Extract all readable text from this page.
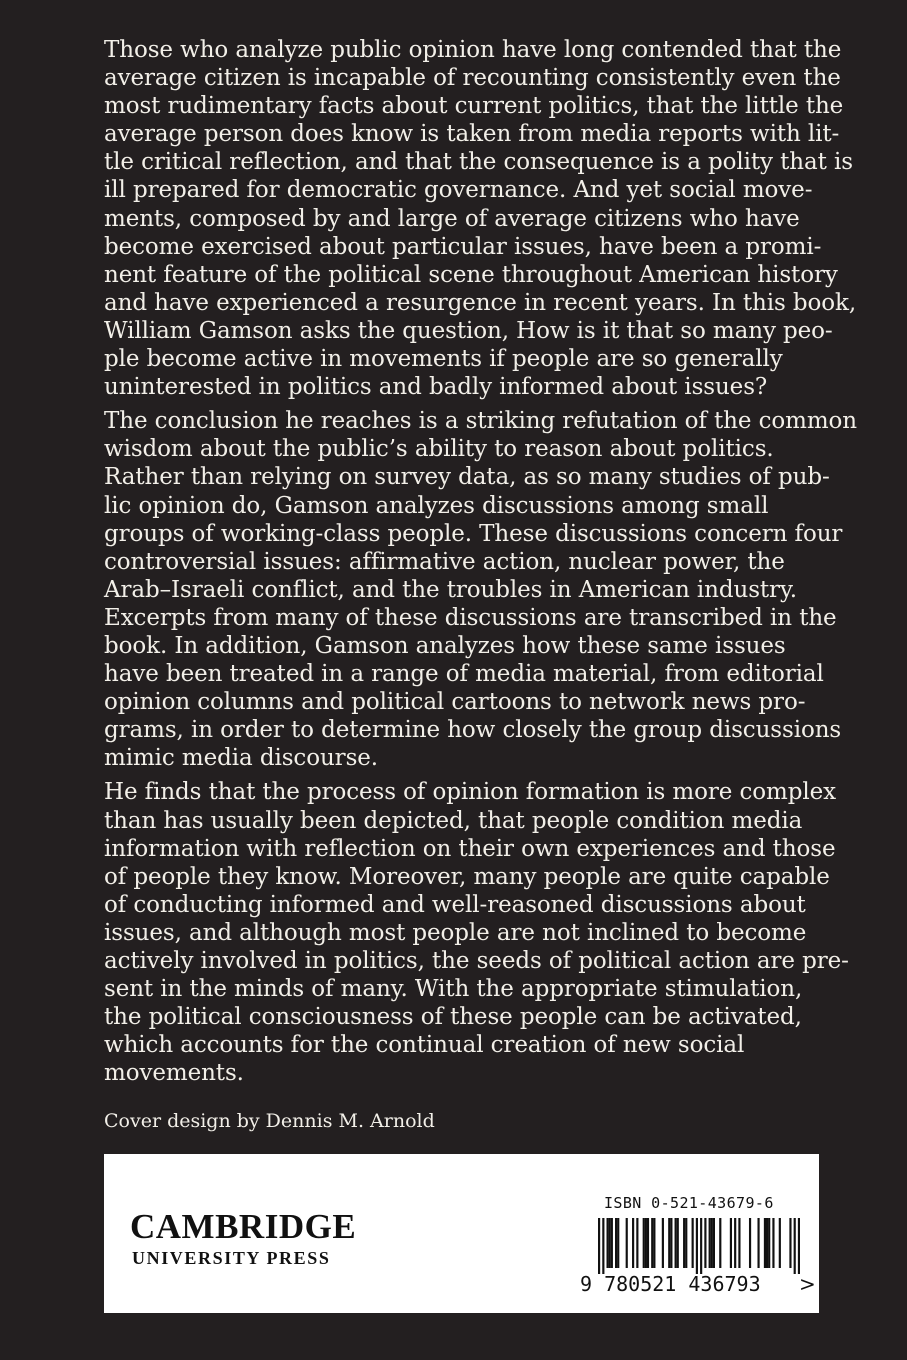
Those who analyze public opinion have long contended that the
average citizen is incapable of recounting consistently even the
most rudimentary facts about current politics, that the little the
average person does know is taken from media reports with lit-
tle critical reflection, and that the consequence is a polity that is
ill prepared for democratic governance. And yet social move-
ments, composed by and large of average citizens who have
become exercised about particular issues, have been a promi-
nent feature of the political scene throughout American history
and have experienced a resurgence in recent years. In this book,
William Gamson asks the question, How is it that so many peo-
ple become active in movements if people are so generally
uninterested in politics and badly informed about issues?
The conclusion he reaches is a striking refutation of the common
wisdom about the public’s ability to reason about politics.
Rather than relying on survey data, as so many studies of pub-
lic opinion do, Gamson analyzes discussions among small
groups of working-class people. These discussions concern four
controversial issues: affirmative action, nuclear power, the
Arab–Israeli conflict, and the troubles in American industry.
Excerpts from many of these discussions are transcribed in the
book. In addition, Gamson analyzes how these same issues
have been treated in a range of media material, from editorial
opinion columns and political cartoons to network news pro-
grams, in order to determine how closely the group discussions
mimic media discourse.
He finds that the process of opinion formation is more complex
than has usually been depicted, that people condition media
information with reflection on their own experiences and those
of people they know. Moreover, many people are quite capable
of conducting informed and well-reasoned discussions about
issues, and although most people are not inclined to become
actively involved in politics, the seeds of political action are pre-
sent in the minds of many. With the appropriate stimulation,
the political consciousness of these people can be activated,
which accounts for the continual creation of new social
movements.
Cover design by Dennis M. Arnold
CAMBRIDGE
UNIVERSITY PRESS
ISBN 0-521-43679-6
9 780521 436793 >
